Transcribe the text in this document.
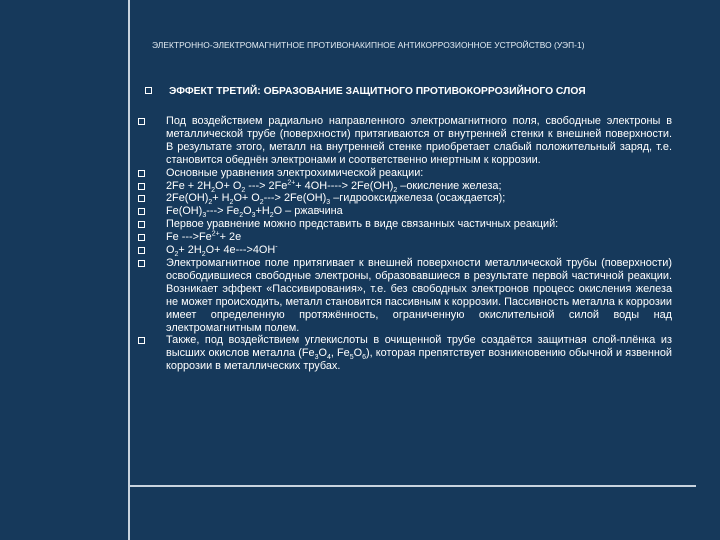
ЭЛЕКТРОННО-ЭЛЕКТРОМАГНИТНОЕ ПРОТИВОНАКИПНОЕ АНТИКОРРОЗИОННОЕ УСТРОЙСТВО (УЭП-1)
ЭФФЕКТ ТРЕТИЙ: ОБРАЗОВАНИЕ ЗАЩИТНОГО ПРОТИВОКОРРОЗИЙНОГО СЛОЯ
Под воздействием радиально направленного электромагнитного поля, свободные электроны в металлической трубе (поверхности) притягиваются от внутренней стенки к внешней поверхности. В результате этого, металл на внутренней стенке приобретает слабый положительный заряд, т.е. становится обеднён электронами и соответственно инертным к коррозии.
Основные уравнения электрохимической реакции:
$2Fe + 2H_2O+ O_2$ ---> $2Fe^{2+}+ 4OH----> 2Fe(OH)_2$ –окисление железа;
$2Fe(OH)_2+ H_2O+ O_2---> 2Fe(OH)_3$ –гидрооксиджелеза (осаждается);
$Fe(OH)_3---> Fe_2O_3+H_2O$ – ржавчина
Первое уравнение можно представить в виде связанных частичных реакций:
Fe $--->Fe^{2+}+ 2e$
$O_2+ 2H_2O+ 4e--->4OH^-$
Электромагнитное поле притягивает к внешней поверхности металлической трубы (поверхности) освободившиеся свободные электроны, образовавшиеся в результате первой частичной реакции. Возникает эффект «Пассивирования», т.е. без свободных электронов процесс окисления железа не может происходить, металл становится пассивным к коррозии. Пассивность металла к коррозии имеет определенную протяжённость, ограниченную окислительной силой воды над электромагнитным полем.
Также, под воздействием углекислоты в очищенной трубе создаётся защитная слой-плёнка из высших окислов металла ($Fe_3O_4$, $Fe_5O_6$), которая препятствует возникновению обычной и язвенной коррозии в металлических трубах.
